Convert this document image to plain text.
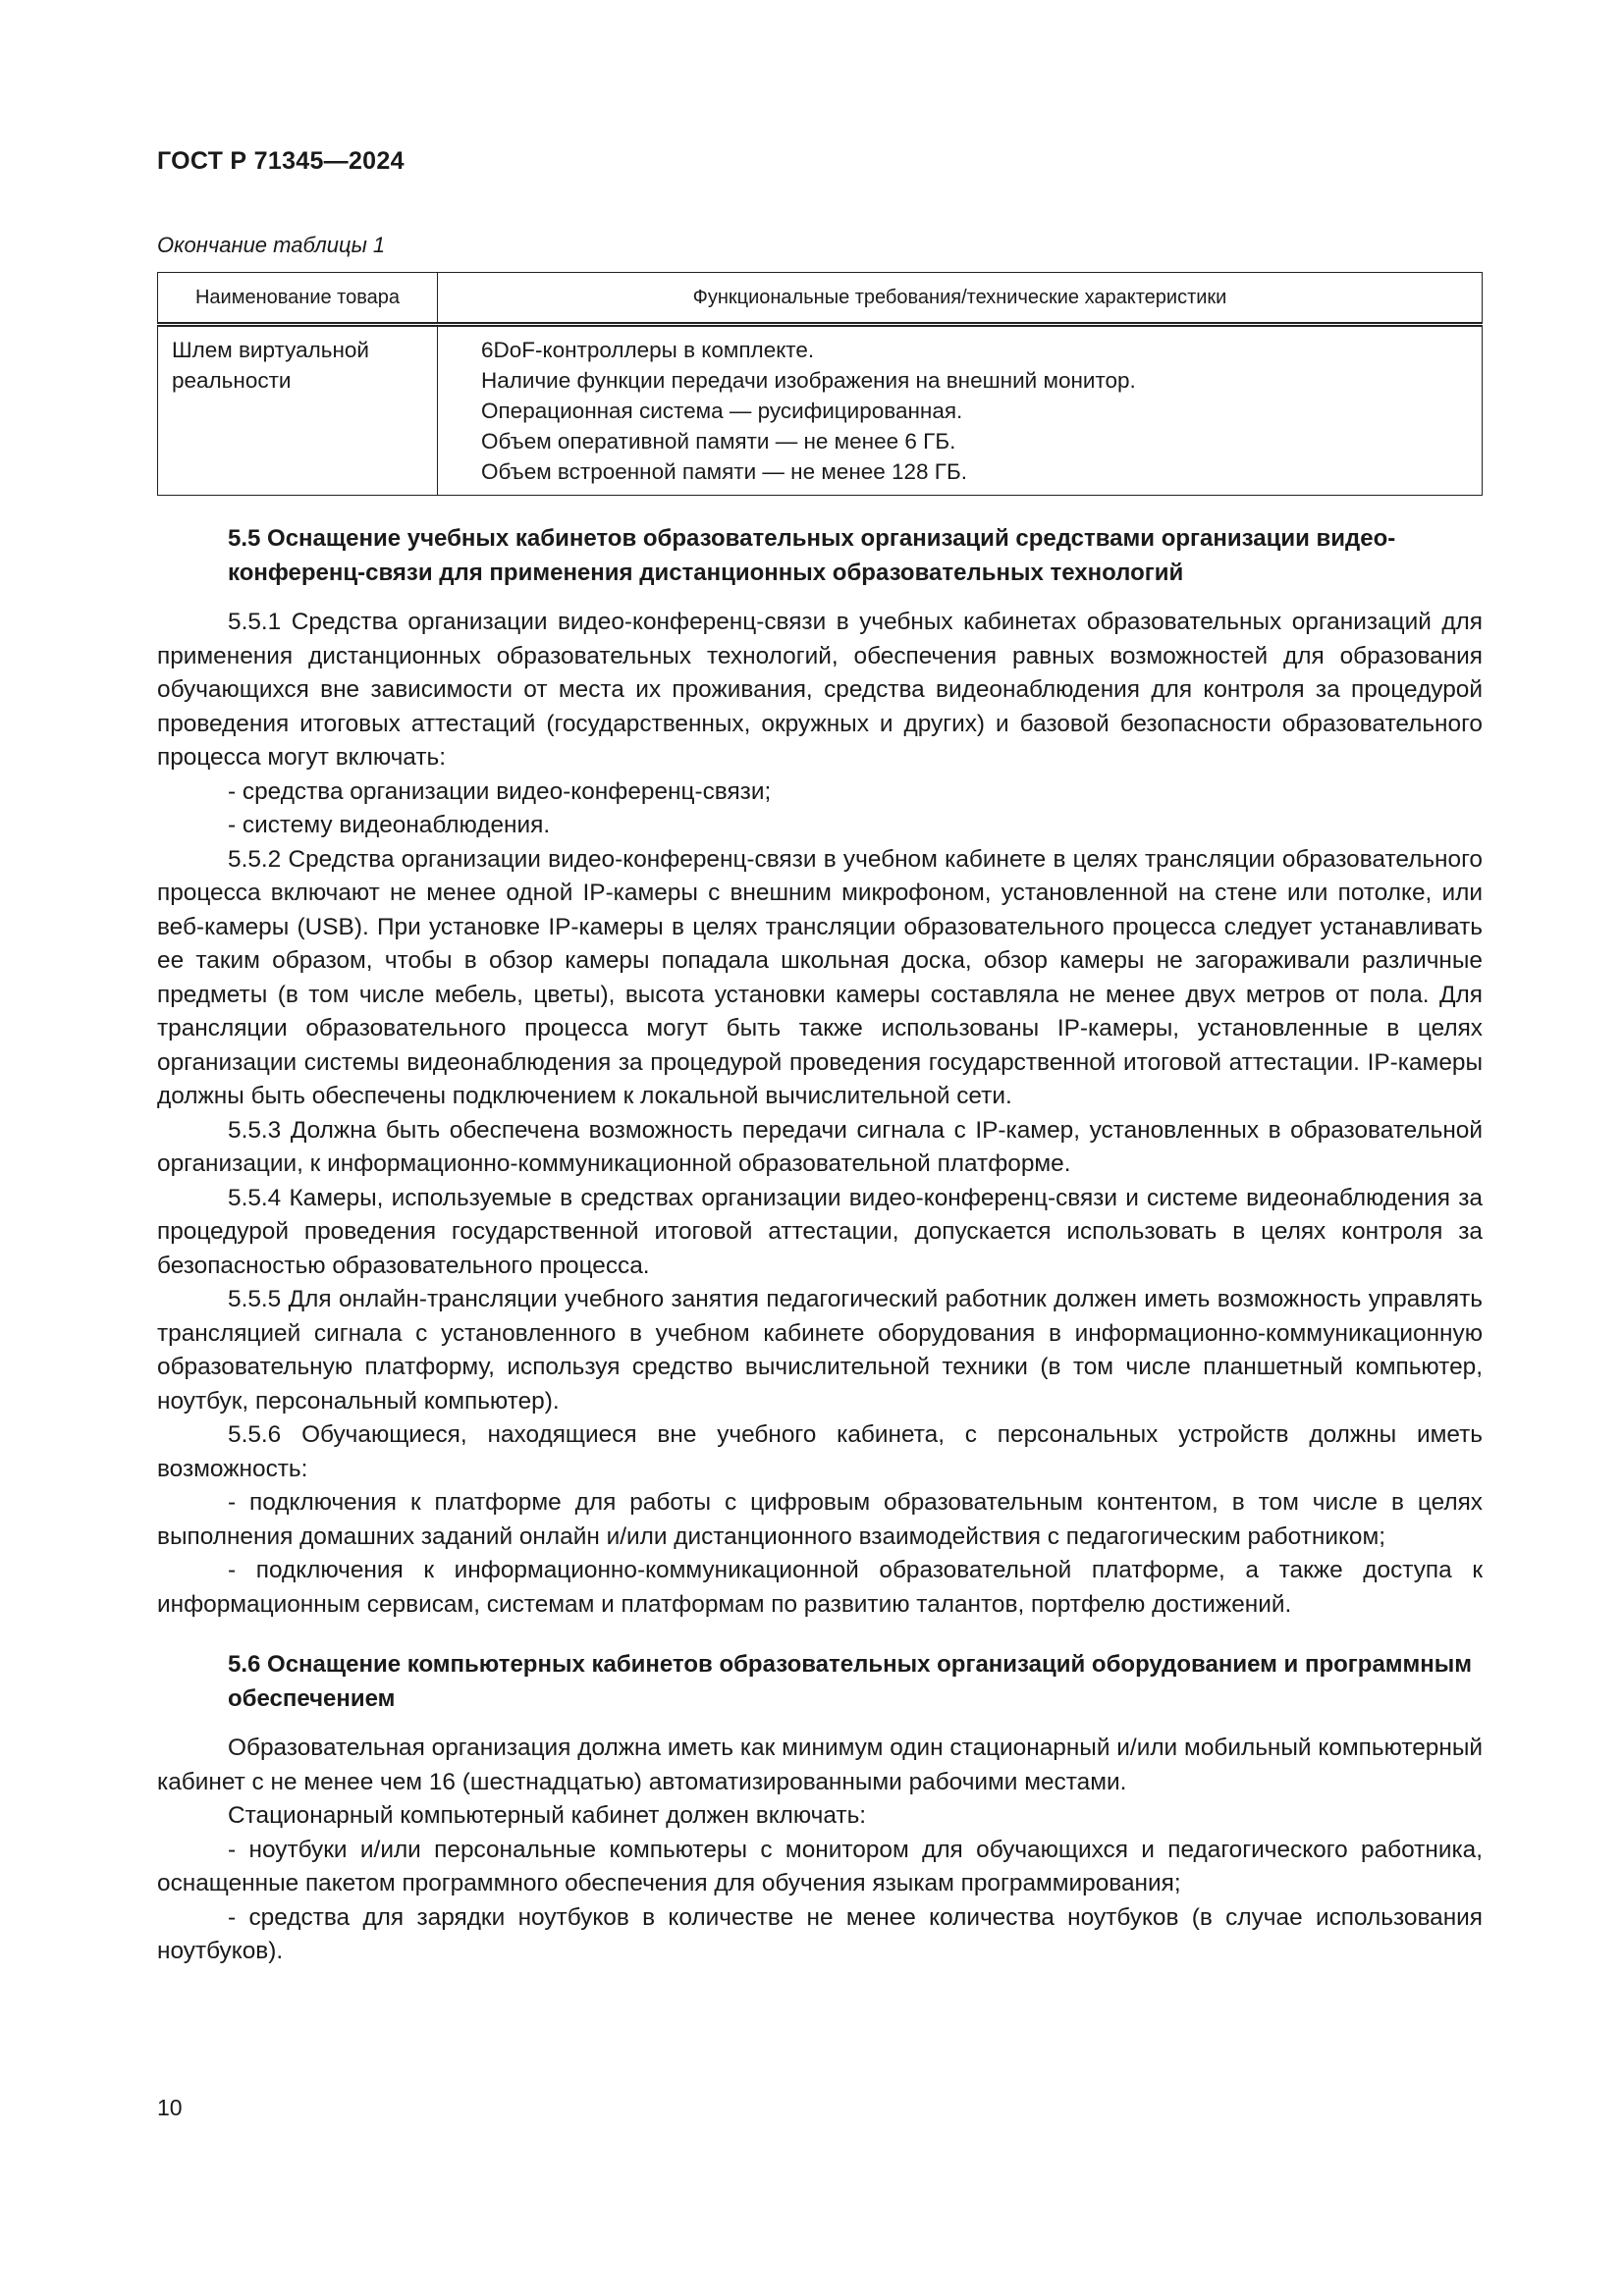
ГОСТ Р 71345—2024
Окончание таблицы 1
Наименование товара	Функциональные требования/технические характеристики
Шлем виртуальной реальности	6DoF-контроллеры в комплекте.
Наличие функции передачи изображения на внешний монитор.
Операционная система — русифицированная.
Объем оперативной памяти — не менее 6 ГБ.
Объем встроенной памяти — не менее 128 ГБ.
5.5 Оснащение учебных кабинетов образовательных организаций средствами организации видео-конференц-связи для применения дистанционных образовательных технологий

5.5.1 Средства организации видео-конференц-связи в учебных кабинетах образовательных организаций для применения дистанционных образовательных технологий, обеспечения равных возможностей для образования обучающихся вне зависимости от места их проживания, средства видеонаблюдения для контроля за процедурой проведения итоговых аттестаций (государственных, окружных и других) и базовой безопасности образовательного процесса могут включать:

- средства организации видео-конференц-связи;

- систему видеонаблюдения.

5.5.2 Средства организации видео-конференц-связи в учебном кабинете в целях трансляции образовательного процесса включают не менее одной IP-камеры с внешним микрофоном, установленной на стене или потолке, или веб-камеры (USB). При установке IP-камеры в целях трансляции образовательного процесса следует устанавливать ее таким образом, чтобы в обзор камеры попадала школьная доска, обзор камеры не загораживали различные предметы (в том числе мебель, цветы), высота установки камеры составляла не менее двух метров от пола. Для трансляции образовательного процесса могут быть также использованы IP-камеры, установленные в целях организации системы видеонаблюдения за процедурой проведения государственной итоговой аттестации. IP-камеры должны быть обеспечены подключением к локальной вычислительной сети.

5.5.3 Должна быть обеспечена возможность передачи сигнала с IP-камер, установленных в образовательной организации, к информационно-коммуникационной образовательной платформе.

5.5.4 Камеры, используемые в средствах организации видео-конференц-связи и системе видеонаблюдения за процедурой проведения государственной итоговой аттестации, допускается использовать в целях контроля за безопасностью образовательного процесса.

5.5.5 Для онлайн-трансляции учебного занятия педагогический работник должен иметь возможность управлять трансляцией сигнала с установленного в учебном кабинете оборудования в информационно-коммуникационную образовательную платформу, используя средство вычислительной техники (в том числе планшетный компьютер, ноутбук, персональный компьютер).

5.5.6 Обучающиеся, находящиеся вне учебного кабинета, с персональных устройств должны иметь возможность:

- подключения к платформе для работы с цифровым образовательным контентом, в том числе в целях выполнения домашних заданий онлайн и/или дистанционного взаимодействия с педагогическим работником;

- подключения к информационно-коммуникационной образовательной платформе, а также доступа к информационным сервисам, системам и платформам по развитию талантов, портфелю достижений.

5.6 Оснащение компьютерных кабинетов образовательных организаций оборудованием и программным обеспечением

Образовательная организация должна иметь как минимум один стационарный и/или мобильный компьютерный кабинет с не менее чем 16 (шестнадцатью) автоматизированными рабочими местами.

Стационарный компьютерный кабинет должен включать:

- ноутбуки и/или персональные компьютеры с монитором для обучающихся и педагогического работника, оснащенные пакетом программного обеспечения для обучения языкам программирования;

- средства для зарядки ноутбуков в количестве не менее количества ноутбуков (в случае использования ноутбуков).

10
